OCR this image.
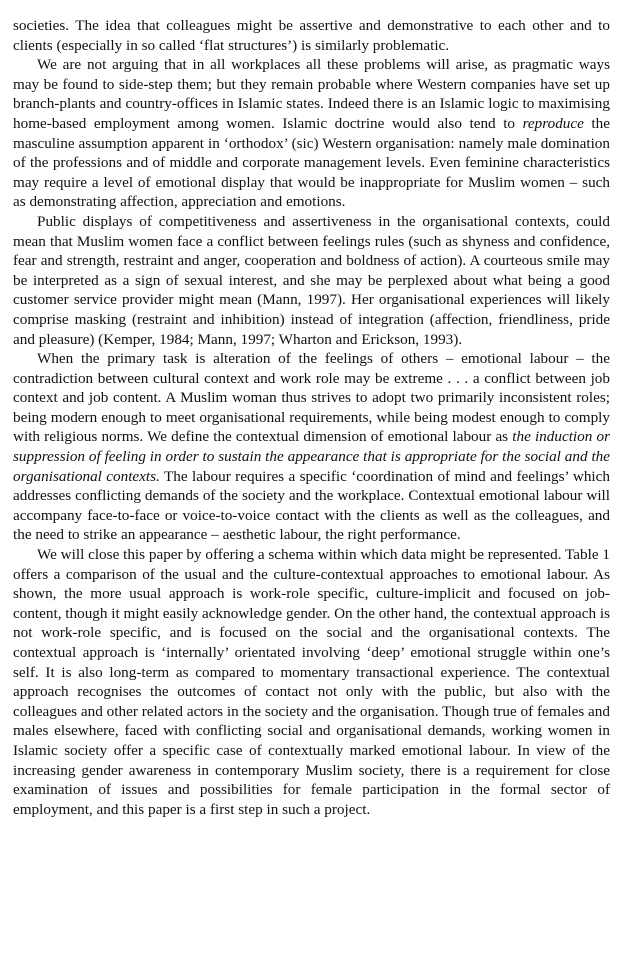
societies. The idea that colleagues might be assertive and demonstrative to each other and to clients (especially in so called ‘flat structures’) is similarly problematic.

We are not arguing that in all workplaces all these problems will arise, as pragmatic ways may be found to side-step them; but they remain probable where Western companies have set up branch-plants and country-offices in Islamic states. Indeed there is an Islamic logic to maximising home-based employment among women. Islamic doctrine would also tend to reproduce the masculine assumption apparent in ‘orthodox’ (sic) Western organisation: namely male domination of the professions and of middle and corporate management levels. Even feminine characteristics may require a level of emotional display that would be inappropriate for Muslim women – such as demonstrating affection, appreciation and emotions.

Public displays of competitiveness and assertiveness in the organisational contexts, could mean that Muslim women face a conflict between feelings rules (such as shyness and confidence, fear and strength, restraint and anger, cooperation and boldness of action). A courteous smile may be interpreted as a sign of sexual interest, and she may be perplexed about what being a good customer service provider might mean (Mann, 1997). Her organisational experiences will likely comprise masking (restraint and inhibition) instead of integration (affection, friendliness, pride and pleasure) (Kemper, 1984; Mann, 1997; Wharton and Erickson, 1993).

When the primary task is alteration of the feelings of others – emotional labour – the contradiction between cultural context and work role may be extreme . . . a conflict between job context and job content. A Muslim woman thus strives to adopt two primarily inconsistent roles; being modern enough to meet organisational requirements, while being modest enough to comply with religious norms. We define the contextual dimension of emotional labour as the induction or suppression of feeling in order to sustain the appearance that is appropriate for the social and the organisational contexts. The labour requires a specific ‘coordination of mind and feelings’ which addresses conflicting demands of the society and the workplace. Contextual emotional labour will accompany face-to-face or voice-to-voice contact with the clients as well as the colleagues, and the need to strike an appearance – aesthetic labour, the right performance.

We will close this paper by offering a schema within which data might be represented. Table 1 offers a comparison of the usual and the culture-contextual approaches to emotional labour. As shown, the more usual approach is work-role specific, culture-implicit and focused on job-content, though it might easily acknowledge gender. On the other hand, the contextual approach is not work-role specific, and is focused on the social and the organisational contexts. The contextual approach is ‘internally’ orientated involving ‘deep’ emotional struggle within one’s self. It is also long-term as compared to momentary transactional experience. The contextual approach recognises the outcomes of contact not only with the public, but also with the colleagues and other related actors in the society and the organisation. Though true of females and males elsewhere, faced with conflicting social and organisational demands, working women in Islamic society offer a specific case of contextually marked emotional labour. In view of the increasing gender awareness in contemporary Muslim society, there is a requirement for close examination of issues and possibilities for female participation in the formal sector of employment, and this paper is a first step in such a project.
